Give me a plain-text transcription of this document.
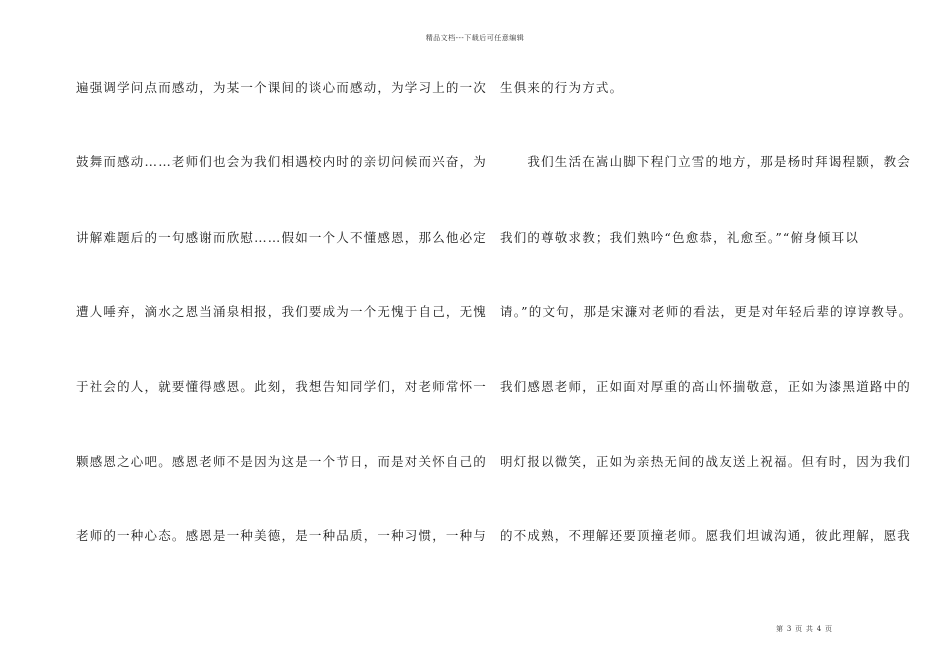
精品文档---下载后可任意编辑
遍强调学问点而感动，为某一个课间的谈心而感动，为学习上的一次
鼓舞而感动……老师们也会为我们相遇校内时的亲切问候而兴奋，为
讲解难题后的一句感谢而欣慰……假如一个人不懂感恩，那么他必定
遭人唾弃，滴水之恩当涌泉相报，我们要成为一个无愧于自己，无愧
于社会的人，就要懂得感恩。此刻，我想告知同学们，对老师常怀一
颗感恩之心吧。感恩老师不是因为这是一个节日，而是对关怀自己的
老师的一种心态。感恩是一种美德，是一种品质，一种习惯，一种与
生俱来的行为方式。
　　我们生活在嵩山脚下程门立雪的地方，那是杨时拜谒程颢，教会
我们的尊敬求教；我们熟吟“色愈恭，礼愈至。”“俯身倾耳以
请。”的文句，那是宋濂对老师的看法，更是对年轻后辈的谆谆教导。
我们感恩老师，正如面对厚重的高山怀揣敬意，正如为漆黑道路中的
明灯报以微笑，正如为亲热无间的战友送上祝福。但有时，因为我们
的不成熟，不理解还要顶撞老师。愿我们坦诚沟通，彼此理解，愿我
第 3 页 共 4 页
